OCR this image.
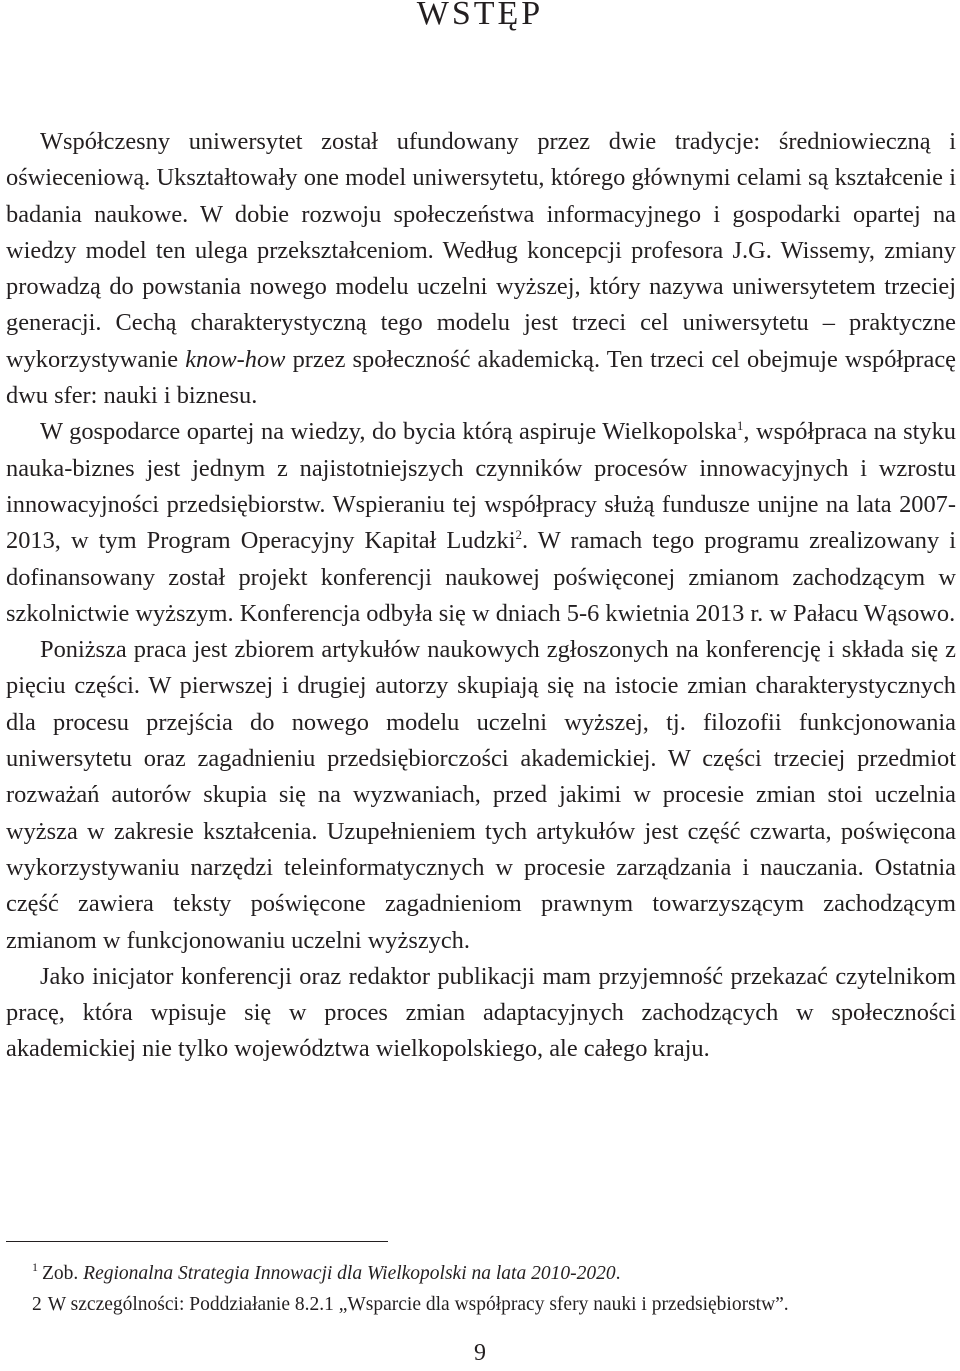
WSTĘP

Współczesny uniwersytet został ufundowany przez dwie tradycje: średniowieczną i oświeceniową. Ukształtowały one model uniwersytetu, którego głównymi celami są kształcenie i badania naukowe. W dobie rozwoju społeczeństwa informacyjnego i gospodarki opartej na wiedzy model ten ulega przekształceniom. Według koncepcji profesora J.G. Wissemy, zmiany prowadzą do powstania nowego modelu uczelni wyższej, który nazywa uniwersytetem trzeciej generacji. Cechą charakterystyczną tego modelu jest trzeci cel uniwersytetu – praktyczne wykorzystywanie know-how przez społeczność akademicką. Ten trzeci cel obejmuje współpracę dwu sfer: nauki i biznesu.

W gospodarce opartej na wiedzy, do bycia którą aspiruje Wielkopolska$^1$, współpraca na styku nauka-biznes jest jednym z najistotniejszych czynników procesów innowacyjnych i wzrostu innowacyjności przedsiębiorstw. Wspieraniu tej współpracy służą fundusze unijne na lata 2007-2013, w tym Program Operacyjny Kapitał Ludzki$^2$. W ramach tego programu zrealizowany i dofinansowany został projekt konferencji naukowej poświęconej zmianom zachodzącym w szkolnictwie wyższym. Konferencja odbyła się w dniach 5-6 kwietnia 2013 r. w Pałacu Wąsowo.

Poniższa praca jest zbiorem artykułów naukowych zgłoszonych na konferencję i składa się z pięciu części. W pierwszej i drugiej autorzy skupiają się na istocie zmian charakterystycznych dla procesu przejścia do nowego modelu uczelni wyższej, tj. filozofii funkcjonowania uniwersytetu oraz zagadnieniu przedsiębiorczości akademickiej. W części trzeciej przedmiot rozważań autorów skupia się na wyzwaniach, przed jakimi w procesie zmian stoi uczelnia wyższa w zakresie kształcenia. Uzupełnieniem tych artykułów jest część czwarta, poświęcona wykorzystywaniu narzędzi teleinformatycznych w procesie zarządzania i nauczania. Ostatnia część zawiera teksty poświęcone zagadnieniom prawnym towarzyszącym zachodzącym zmianom w funkcjonowaniu uczelni wyższych.

Jako inicjator konferencji oraz redaktor publikacji mam przyjemność przekazać czytelnikom pracę, która wpisuje się w proces zmian adaptacyjnych zachodzących w społeczności akademickiej nie tylko województwa wielkopolskiego, ale całego kraju.

$^1$ Zob. Regionalna Strategia Innowacji dla Wielkopolski na lata 2010-2020.

2 W szczególności: Poddziałanie 8.2.1 „Wsparcie dla współpracy sfery nauki i przedsiębiorstw”.

9
